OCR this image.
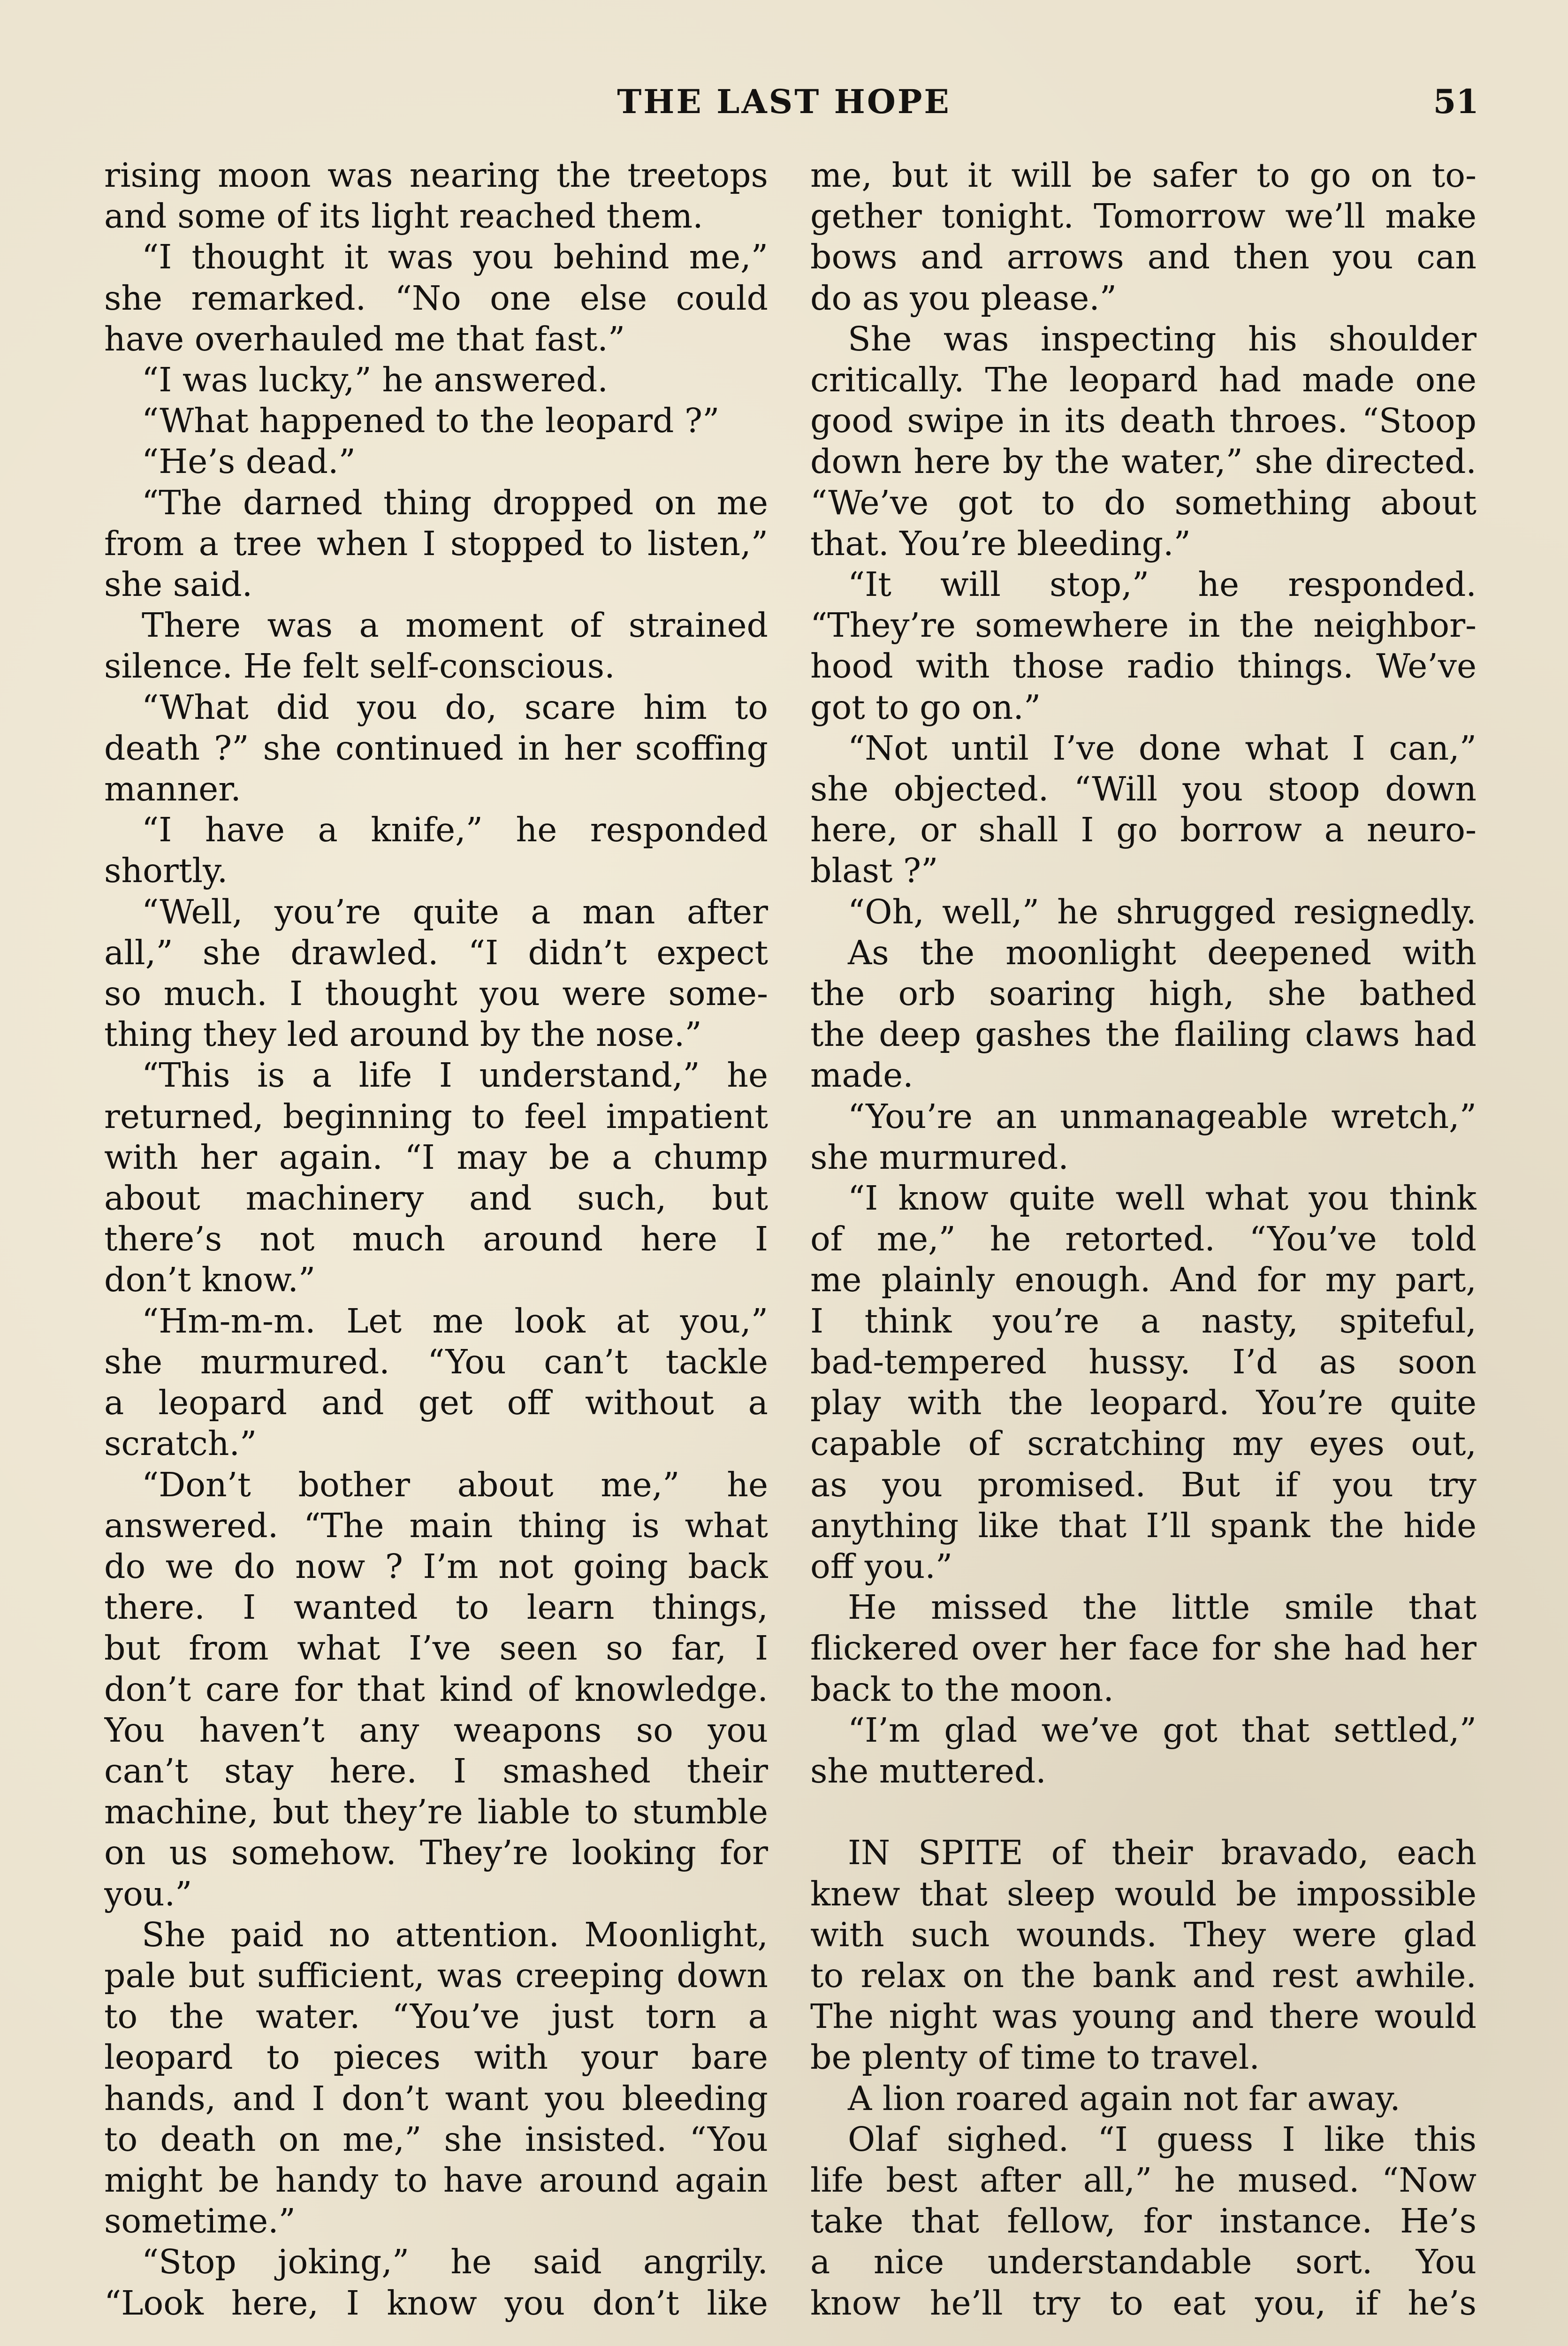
THE LAST HOPE	51
rising moon was nearing the treetops
and some of its light reached them.
“I thought it was you behind me,”
she remarked. “No one else could
have overhauled me that fast.”
“I was lucky,” he answered.
“What happened to the leopard ?”
“He’s dead.”
“The darned thing dropped on me
from a tree when I stopped to listen,”
she said.
There was a moment of strained
silence. He felt self-conscious.
“What did you do, scare him to
death ?” she continued in her scoffing
manner.
“I have a knife,” he responded
shortly.
“Well, you’re quite a man after
all,” she drawled. “I didn’t expect
so much. I thought you were some-
thing they led around by the nose.”
“This is a life I understand,” he
returned, beginning to feel impatient
with her again. “I may be a chump
about machinery and such, but
there’s not much around here I
don’t know.”
“Hm-m-m. Let me look at you,”
she murmured. “You can’t tackle
a leopard and get off without a
scratch.”
“Don’t bother about me,” he
answered. “The main thing is what
do we do now ? I’m not going back
there. I wanted to learn things,
but from what I’ve seen so far, I
don’t care for that kind of knowledge.
You haven’t any weapons so you
can’t stay here. I smashed their
machine, but they’re liable to stumble
on us somehow. They’re looking for
you.”
She paid no attention. Moonlight,
pale but sufficient, was creeping down
to the water. “You’ve just torn a
leopard to pieces with your bare
hands, and I don’t want you bleeding
to death on me,” she insisted. “You
might be handy to have around again
sometime.”
“Stop joking,” he said angrily.
“Look here, I know you don’t like
me, but it will be safer to go on to-
gether tonight. Tomorrow we’ll make
bows and arrows and then you can
do as you please.”
She was inspecting his shoulder
critically. The leopard had made one
good swipe in its death throes. “Stoop
down here by the water,” she directed.
“We’ve got to do something about
that. You’re bleeding.”
“It will stop,” he responded.
“They’re somewhere in the neighbor-
hood with those radio things. We’ve
got to go on.”
“Not until I’ve done what I can,”
she objected. “Will you stoop down
here, or shall I go borrow a neuro-
blast ?”
“Oh, well,” he shrugged resignedly.
As the moonlight deepened with
the orb soaring high, she bathed
the deep gashes the flailing claws had
made.
“You’re an unmanageable wretch,”
she murmured.
“I know quite well what you think
of me,” he retorted. “You’ve told
me plainly enough. And for my part,
I think you’re a nasty, spiteful,
bad-tempered hussy. I’d as soon
play with the leopard. You’re quite
capable of scratching my eyes out,
as you promised. But if you try
anything like that I’ll spank the hide
off you.”
He missed the little smile that
flickered over her face for she had her
back to the moon.
“I’m glad we’ve got that settled,”
she muttered.
IN SPITE of their bravado, each
knew that sleep would be impossible
with such wounds. They were glad
to relax on the bank and rest awhile.
The night was young and there would
be plenty of time to travel.
A lion roared again not far away.
Olaf sighed. “I guess I like this
life best after all,” he mused. “Now
take that fellow, for instance. He’s
a nice understandable sort. You
know he’ll try to eat you, if he’s
